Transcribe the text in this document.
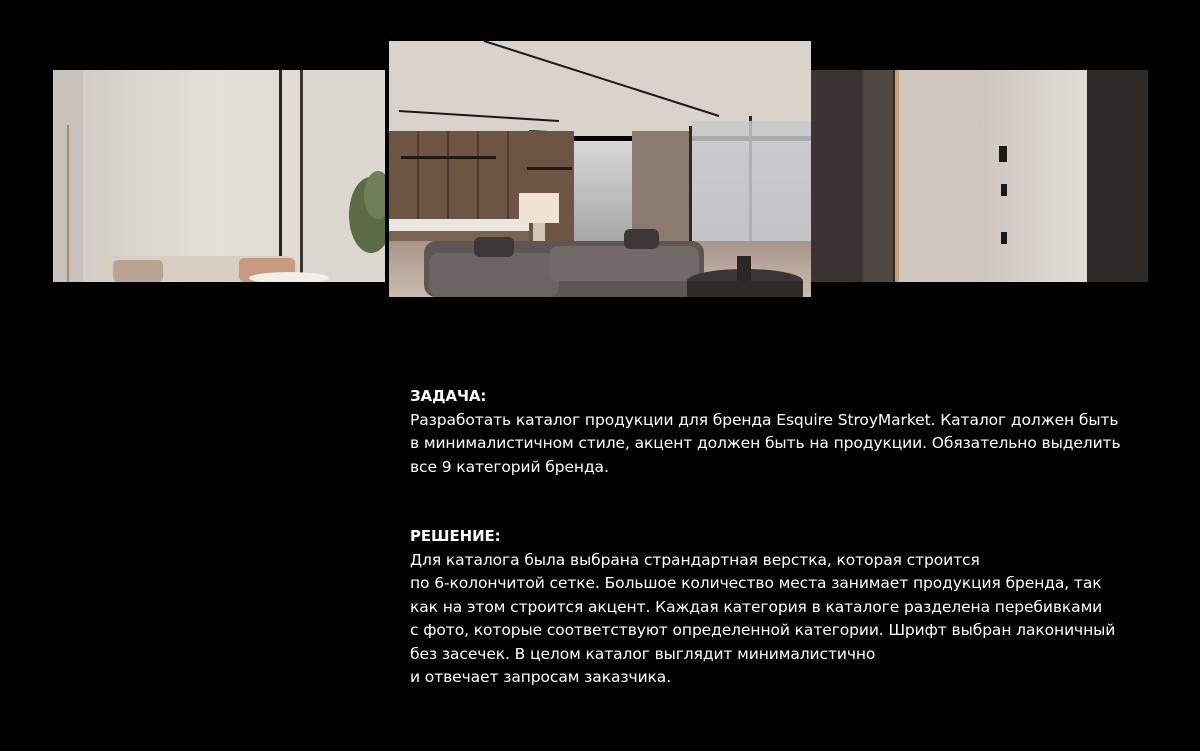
ЗАДАЧА:

Разработать каталог продукции для бренда Esquire StroyMarket. Каталог должен быть
в минималистичном стиле, акцент должен быть на продукции. Обязательно выделить
все 9 категорий бренда.

РЕШЕНИЕ:

Для каталога была выбрана страндартная верстка, которая строится
по 6-колончитой сетке. Большое количество места занимает продукция бренда, так
как на этом строится акцент. Каждая категория в каталоге разделена перебивками
с фото, которые соответствуют определенной категории. Шрифт выбран лаконичный
без засечек. В целом каталог выглядит минималистично
и отвечает запросам заказчика.
